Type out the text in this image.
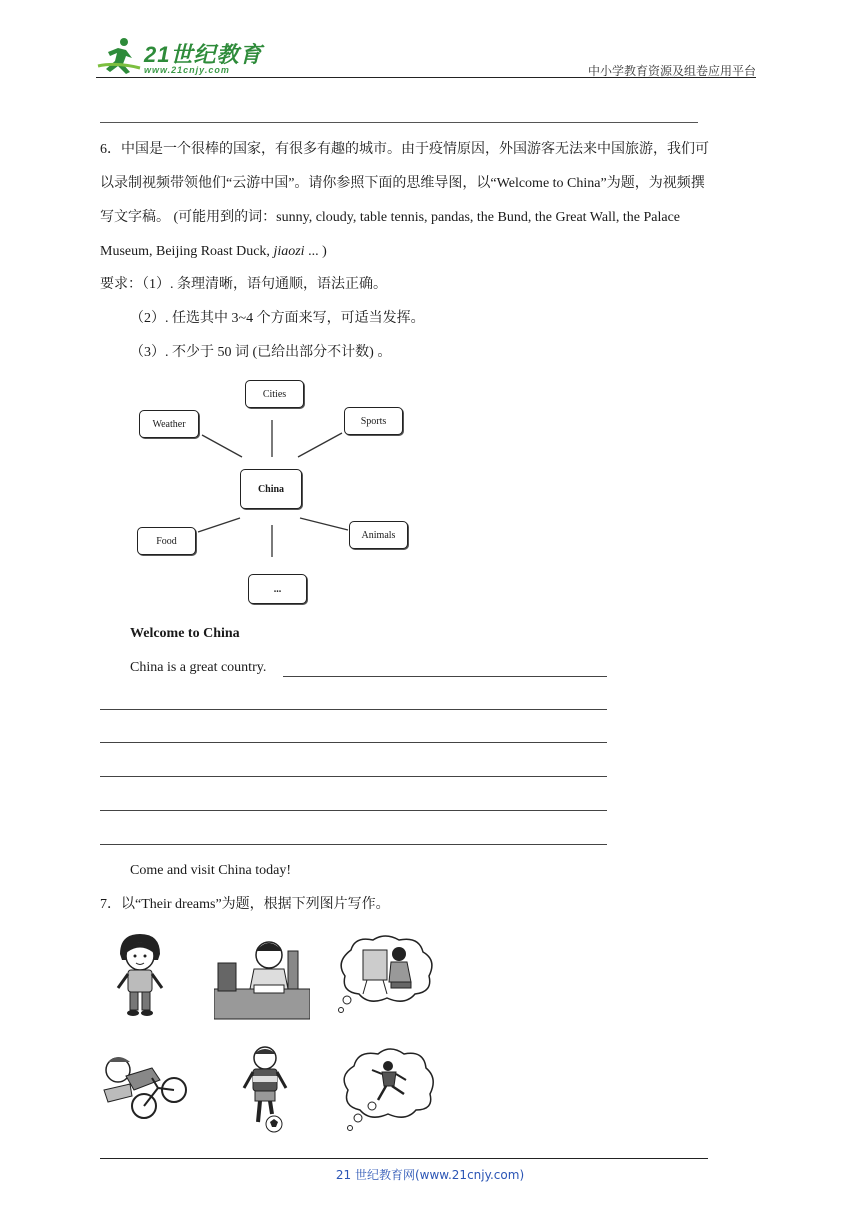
21世纪教育
www.21cnjy.com	中小学教育资源及组卷应用平台
6．中国是一个很棒的国家，有很多有趣的城市。由于疫情原因，外国游客无法来中国旅游，我们可
以录制视频带领他们“云游中国”。请你参照下面的思维导图，以“Welcome to China”为题，为视频撰
写文字稿。 (可能用到的词：sunny, cloudy, table tennis, pandas, the Bund, the Great Wall, the Palace
Museum, Beijing Roast Duck, jiaozi ... )
要求：（1）. 条理清晰，语句通顺，语法正确。
（2）. 任选其中 3~4 个方面来写，可适当发挥。
（3）. 不少于 50 词 (已给出部分不计数) 。
Cities
Weather	Sports
China
Food
Animals
...
Welcome to China
China is a great country.
Come and visit China today!
7．以“Their dreams”为题，根据下列图片写作。
21 世纪教育网(www.21cnjy.com)
